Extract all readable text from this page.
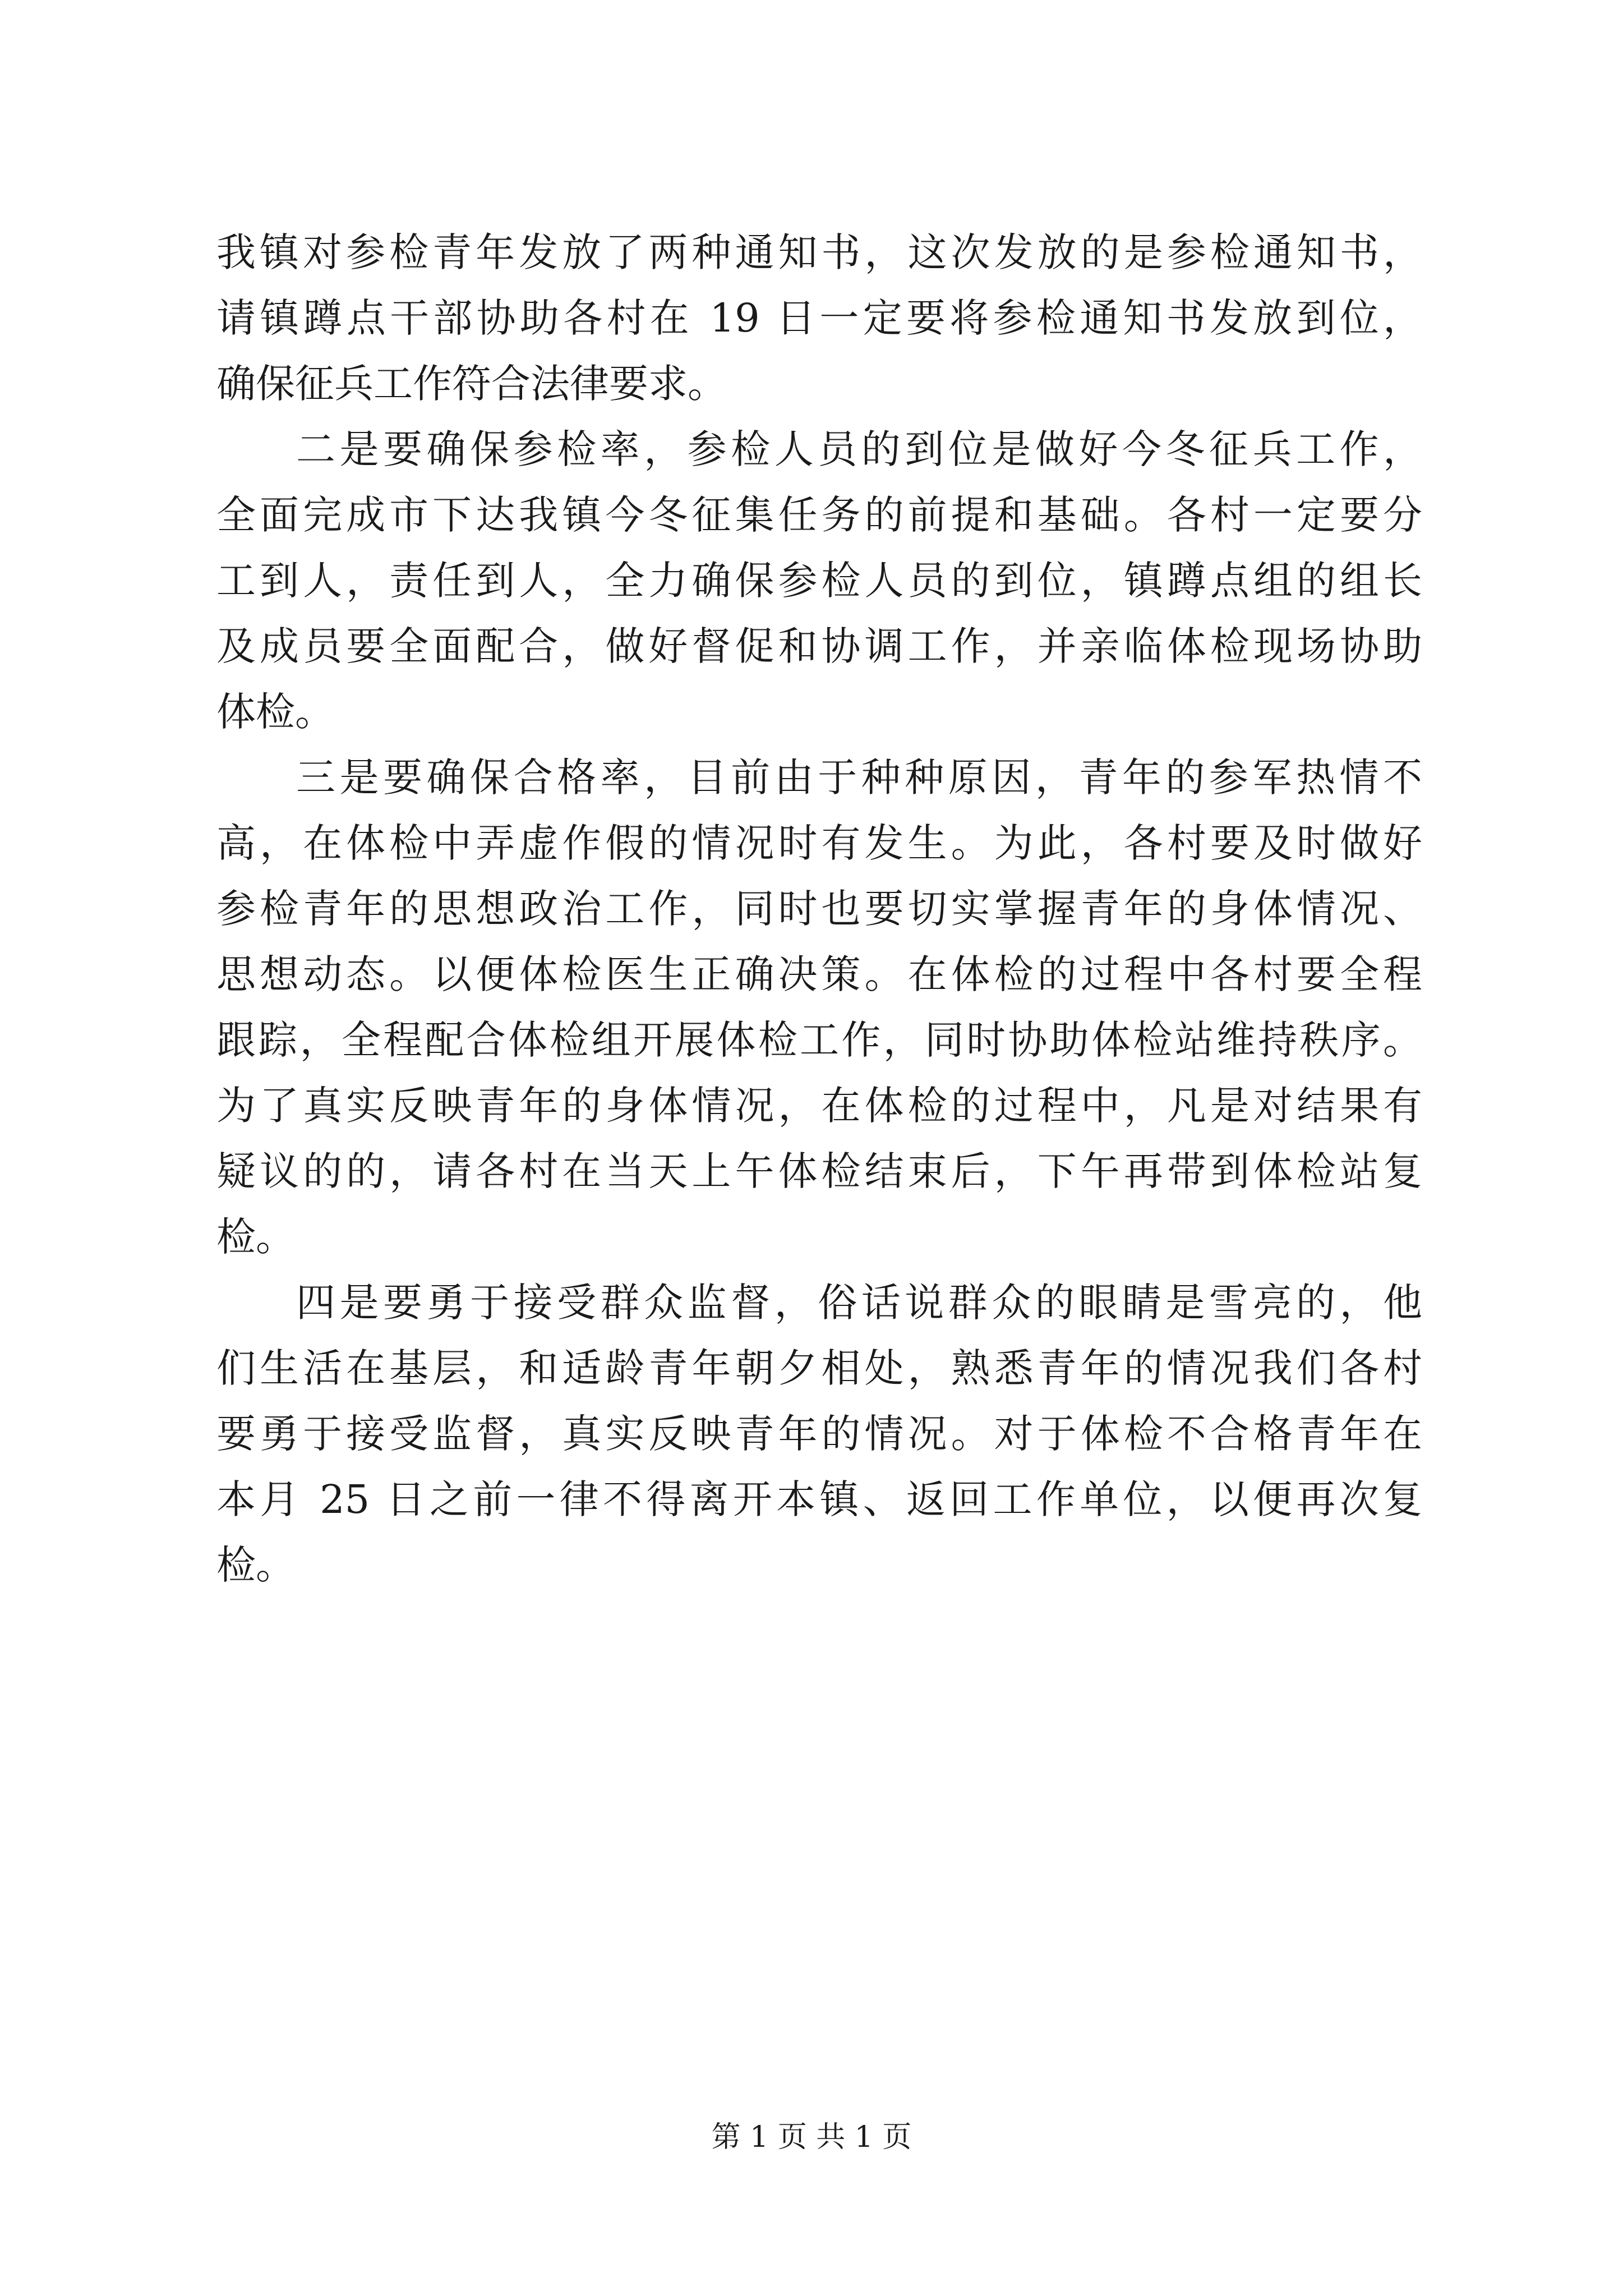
我镇对参检青年发放了两种通知书，这次发放的是参检通知书，
请镇蹲点干部协助各村在 19 日一定要将参检通知书发放到位，
确保征兵工作符合法律要求。
二是要确保参检率，参检人员的到位是做好今冬征兵工作，
全面完成市下达我镇今冬征集任务的前提和基础。各村一定要分
工到人，责任到人，全力确保参检人员的到位，镇蹲点组的组长
及成员要全面配合，做好督促和协调工作，并亲临体检现场协助
体检。
三是要确保合格率，目前由于种种原因，青年的参军热情不
高，在体检中弄虚作假的情况时有发生。为此，各村要及时做好
参检青年的思想政治工作，同时也要切实掌握青年的身体情况、
思想动态。以便体检医生正确决策。在体检的过程中各村要全程
跟踪，全程配合体检组开展体检工作，同时协助体检站维持秩序。
为了真实反映青年的身体情况，在体检的过程中，凡是对结果有
疑议的的，请各村在当天上午体检结束后，下午再带到体检站复
检。
四是要勇于接受群众监督，俗话说群众的眼睛是雪亮的，他
们生活在基层，和适龄青年朝夕相处，熟悉青年的情况我们各村
要勇于接受监督，真实反映青年的情况。对于体检不合格青年在
本月 25 日之前一律不得离开本镇、返回工作单位，以便再次复
检。
第 1 页 共 1 页
